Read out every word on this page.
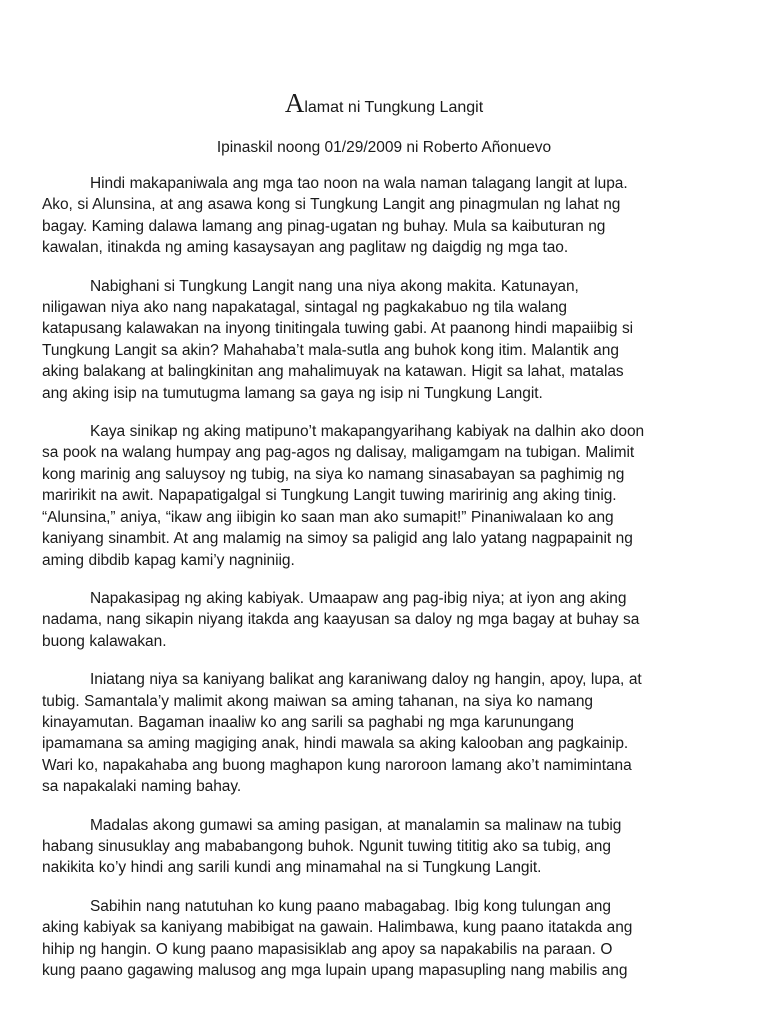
Alamat ni Tungkung Langit

Ipinaskil noong 01/29/2009 ni Roberto Añonuevo

Hindi makapaniwala ang mga tao noon na wala naman talagang langit at lupa.
Ako, si Alunsina, at ang asawa kong si Tungkung Langit ang pinagmulan ng lahat ng
bagay. Kaming dalawa lamang ang pinag-ugatan ng buhay. Mula sa kaibuturan ng
kawalan, itinakda ng aming kasaysayan ang paglitaw ng daigdig ng mga tao.
Nabighani si Tungkung Langit nang una niya akong makita. Katunayan,
niligawan niya ako nang napakatagal, sintagal ng pagkakabuo ng tila walang
katapusang kalawakan na inyong tinitingala tuwing gabi. At paanong hindi mapaiibig si
Tungkung Langit sa akin? Mahahaba’t mala-sutla ang buhok kong itim. Malantik ang
aking balakang at balingkinitan ang mahalimuyak na katawan. Higit sa lahat, matalas
ang aking isip na tumutugma lamang sa gaya ng isip ni Tungkung Langit.
Kaya sinikap ng aking matipuno’t makapangyarihang kabiyak na dalhin ako doon
sa pook na walang humpay ang pag-agos ng dalisay, maligamgam na tubigan. Malimit
kong marinig ang saluysoy ng tubig, na siya ko namang sinasabayan sa paghimig ng
maririkit na awit. Napapatigalgal si Tungkung Langit tuwing maririnig ang aking tinig.
“Alunsina,” aniya, “ikaw ang iibigin ko saan man ako sumapit!” Pinaniwalaan ko ang
kaniyang sinambit. At ang malamig na simoy sa paligid ang lalo yatang nagpapainit ng
aming dibdib kapag kami’y nagniniig.
Napakasipag ng aking kabiyak. Umaapaw ang pag-ibig niya; at iyon ang aking
nadama, nang sikapin niyang itakda ang kaayusan sa daloy ng mga bagay at buhay sa
buong kalawakan.
Iniatang niya sa kaniyang balikat ang karaniwang daloy ng hangin, apoy, lupa, at
tubig. Samantala’y malimit akong maiwan sa aming tahanan, na siya ko namang
kinayamutan. Bagaman inaaliw ko ang sarili sa paghabi ng mga karunungang
ipamamana sa aming magiging anak, hindi mawala sa aking kalooban ang pagkainip.
Wari ko, napakahaba ang buong maghapon kung naroroon lamang ako’t namimintana
sa napakalaki naming bahay.
Madalas akong gumawi sa aming pasigan, at manalamin sa malinaw na tubig
habang sinusuklay ang mababangong buhok. Ngunit tuwing tititig ako sa tubig, ang
nakikita ko’y hindi ang sarili kundi ang minamahal na si Tungkung Langit.
Sabihin nang natutuhan ko kung paano mabagabag. Ibig kong tulungan ang
aking kabiyak sa kaniyang mabibigat na gawain. Halimbawa, kung paano itatakda ang
hihip ng hangin. O kung paano mapasisiklab ang apoy sa napakabilis na paraan. O
kung paano gagawing malusog ang mga lupain upang mapasupling nang mabilis ang
